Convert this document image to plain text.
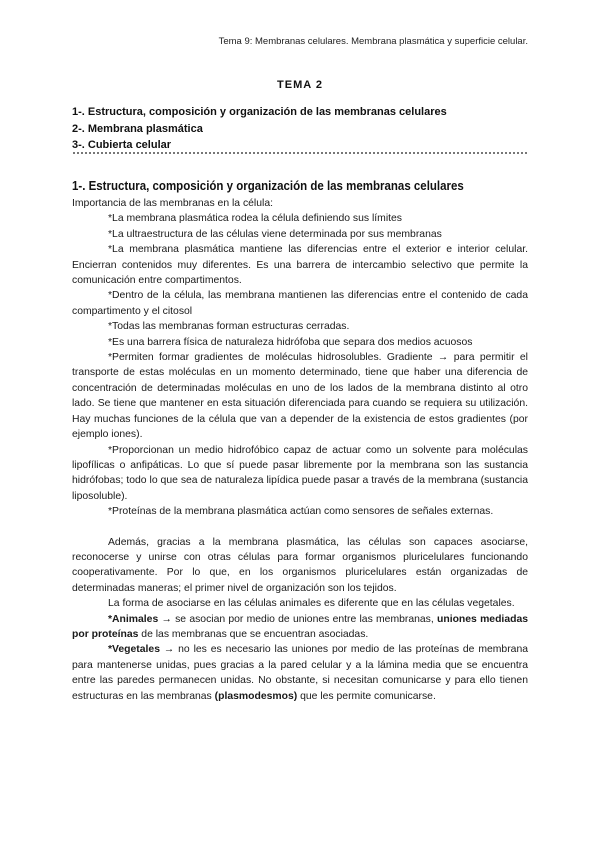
Tema 9: Membranas celulares. Membrana plasmática y superficie celular.
TEMA 2
1-. Estructura, composición y organización de las membranas celulares
2-. Membrana plasmática
3-. Cubierta celular
1-. Estructura, composición y organización de las membranas celulares

Importancia de las membranas en la célula:

*La membrana plasmática rodea la célula definiendo sus límites

*La ultraestructura de las células viene determinada por sus membranas

*La membrana plasmática mantiene las diferencias entre el exterior e interior celular. Encierran contenidos muy diferentes. Es una barrera de intercambio selectivo que permite la comunicación entre compartimentos.

*Dentro de la célula, las membrana mantienen las diferencias entre el contenido de cada compartimento y el citosol

*Todas las membranas forman estructuras cerradas.

*Es una barrera física de naturaleza hidrófoba que separa dos medios acuosos

*Permiten formar gradientes de moléculas hidrosolubles. Gradiente → para permitir el transporte de estas moléculas en un momento determinado, tiene que haber una diferencia de concentración de determinadas moléculas en uno de los lados de la membrana distinto al otro lado. Se tiene que mantener en esta situación diferenciada para cuando se requiera su utilización. Hay muchas funciones de la célula que van a depender de la existencia de estos gradientes (por ejemplo iones).

*Proporcionan un medio hidrofóbico capaz de actuar como un solvente para moléculas lipofílicas o anfipáticas. Lo que sí puede pasar libremente por la membrana son las sustancia hidrófobas; todo lo que sea de naturaleza lipídica puede pasar a través de la membrana (sustancia liposoluble).

*Proteínas de la membrana plasmática actúan como sensores de señales externas.

Además, gracias a la membrana plasmática, las células son capaces asociarse, reconocerse y unirse con otras células para formar organismos pluricelulares funcionando cooperativamente. Por lo que, en los organismos pluricelulares están organizadas de determinadas maneras; el primer nivel de organización son los tejidos.

La forma de asociarse en las células animales es diferente que en las células vegetales.

*Animales → se asocian por medio de uniones entre las membranas, uniones mediadas por proteínas de las membranas que se encuentran asociadas.

*Vegetales → no les es necesario las uniones por medio de las proteínas de membrana para mantenerse unidas, pues gracias a la pared celular y a la lámina media que se encuentra entre las paredes permanecen unidas. No obstante, si necesitan comunicarse y para ello tienen estructuras en las membranas (plasmodesmos) que les permite comunicarse.
